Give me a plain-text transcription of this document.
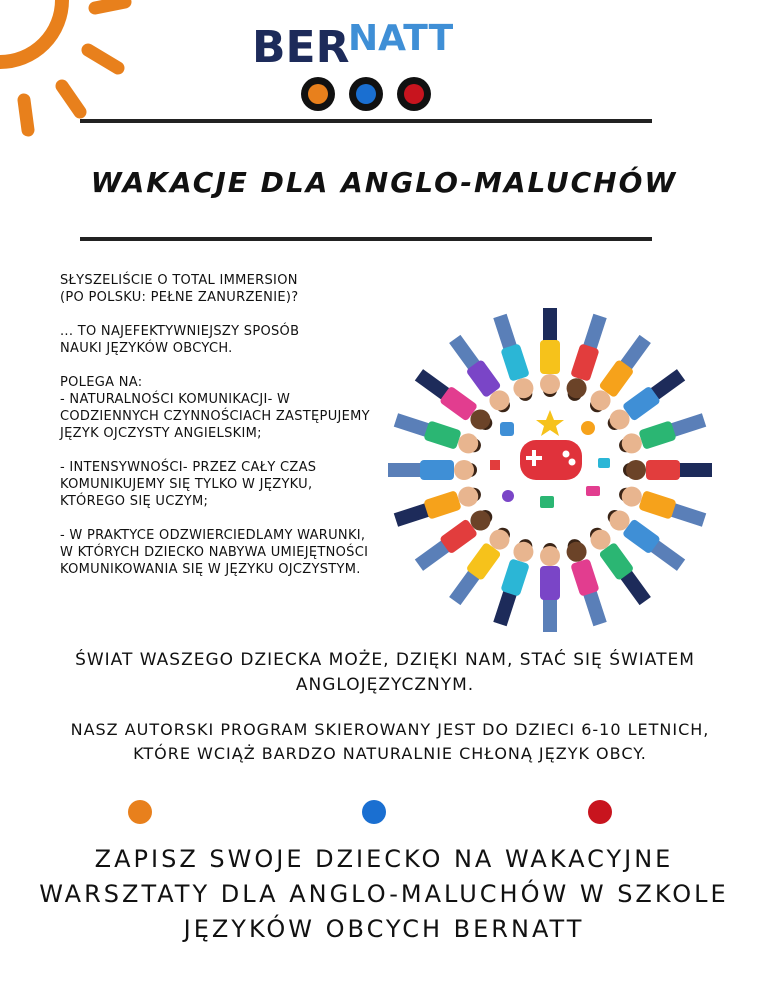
BER
NATT
WAKACJE DLA ANGLO-MALUCHÓW

SŁYSZELIŚCIE O TOTAL IMMERSION
(PO POLSKU: PEŁNE ZANURZENIE)?

... TO NAJEFEKTYWNIEJSZY SPOSÓB
NAUKI JĘZYKÓW OBCYCH.

POLEGA NA:
- NATURALNOŚCI KOMUNIKACJI- W CODZIENNYCH CZYNNOŚCIACH ZASTĘPUJEMY JĘZYK OJCZYSTY ANGIELSKIM;

- INTENSYWNOŚCI- PRZEZ CAŁY CZAS KOMUNIKUJEMY SIĘ TYLKO W JĘZYKU, KTÓREGO SIĘ UCZYM;

- W PRAKTYCE ODZWIERCIEDLAMY WARUNKI, W KTÓRYCH DZIECKO NABYWA UMIEJĘTNOŚCI KOMUNIKOWANIA SIĘ W JĘZYKU OJCZYSTYM.

ŚWIAT WASZEGO DZIECKA MOŻE, DZIĘKI NAM, STAĆ SIĘ ŚWIATEM ANGLOJĘZYCZNYM.
NASZ AUTORSKI PROGRAM SKIEROWANY JEST DO DZIECI 6-10 LETNICH, KTÓRE WCIĄŻ BARDZO NATURALNIE CHŁONĄ JĘZYK OBCY.
ZAPISZ SWOJE DZIECKO NA WAKACYJNE WARSZTATY DLA ANGLO-MALUCHÓW W SZKOLE JĘZYKÓW OBCYCH BERNATT
